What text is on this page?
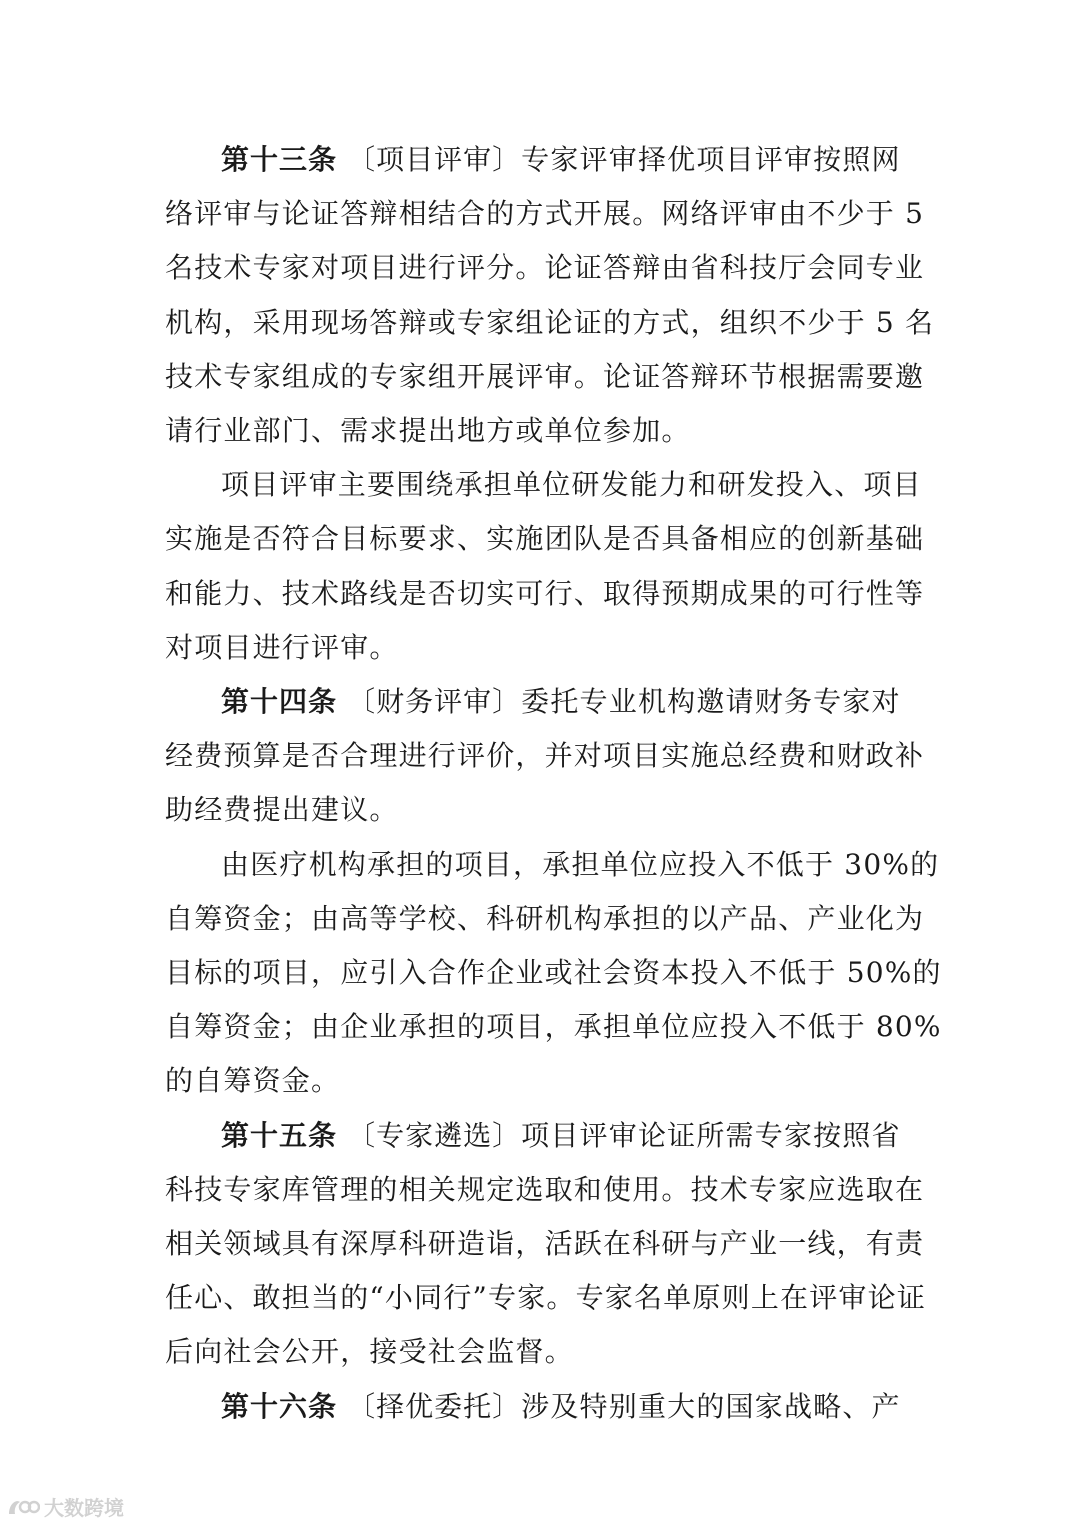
第十三条 〔项目评审〕专家评审择优项目评审按照网
络评审与论证答辩相结合的方式开展。网络评审由不少于 5
名技术专家对项目进行评分。论证答辩由省科技厅会同专业
机构，采用现场答辩或专家组论证的方式，组织不少于 5 名
技术专家组成的专家组开展评审。论证答辩环节根据需要邀
请行业部门、需求提出地方或单位参加。
项目评审主要围绕承担单位研发能力和研发投入、项目
实施是否符合目标要求、实施团队是否具备相应的创新基础
和能力、技术路线是否切实可行、取得预期成果的可行性等
对项目进行评审。
第十四条 〔财务评审〕委托专业机构邀请财务专家对
经费预算是否合理进行评价，并对项目实施总经费和财政补
助经费提出建议。
由医疗机构承担的项目，承担单位应投入不低于 30%的
自筹资金；由高等学校、科研机构承担的以产品、产业化为
目标的项目，应引入合作企业或社会资本投入不低于 50%的
自筹资金；由企业承担的项目，承担单位应投入不低于 80%
的自筹资金。
第十五条 〔专家遴选〕项目评审论证所需专家按照省
科技专家库管理的相关规定选取和使用。技术专家应选取在
相关领域具有深厚科研造诣，活跃在科研与产业一线，有责
任心、敢担当的“小同行”专家。专家名单原则上在评审论证
后向社会公开，接受社会监督。
第十六条 〔择优委托〕涉及特别重大的国家战略、产
大数跨境
